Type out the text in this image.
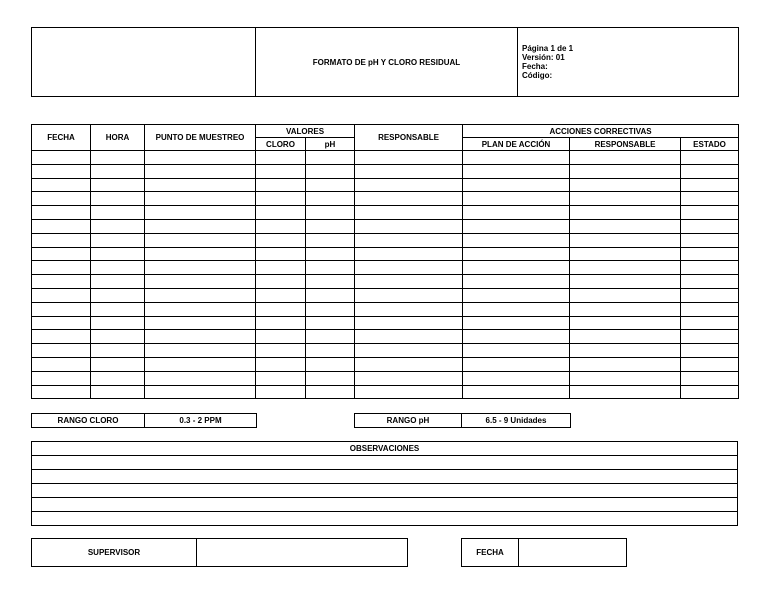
	FORMATO DE pH Y CLORO RESIDUAL	
Página 1 de 1
Versión: 01
Fecha:
Código:
FECHA	HORA	PUNTO DE MUESTREO	VALORES		RESPONSABLE	ACCIONES CORRECTIVAS		
			CLORO	pH		PLAN DE ACCIÓN	RESPONSABLE	ESTADO

RANGO CLORO	0.3 - 2 PPM	RANGO pH	6.5 - 9 Unidades
OBSERVACIONES

SUPERVISOR		FECHA	
